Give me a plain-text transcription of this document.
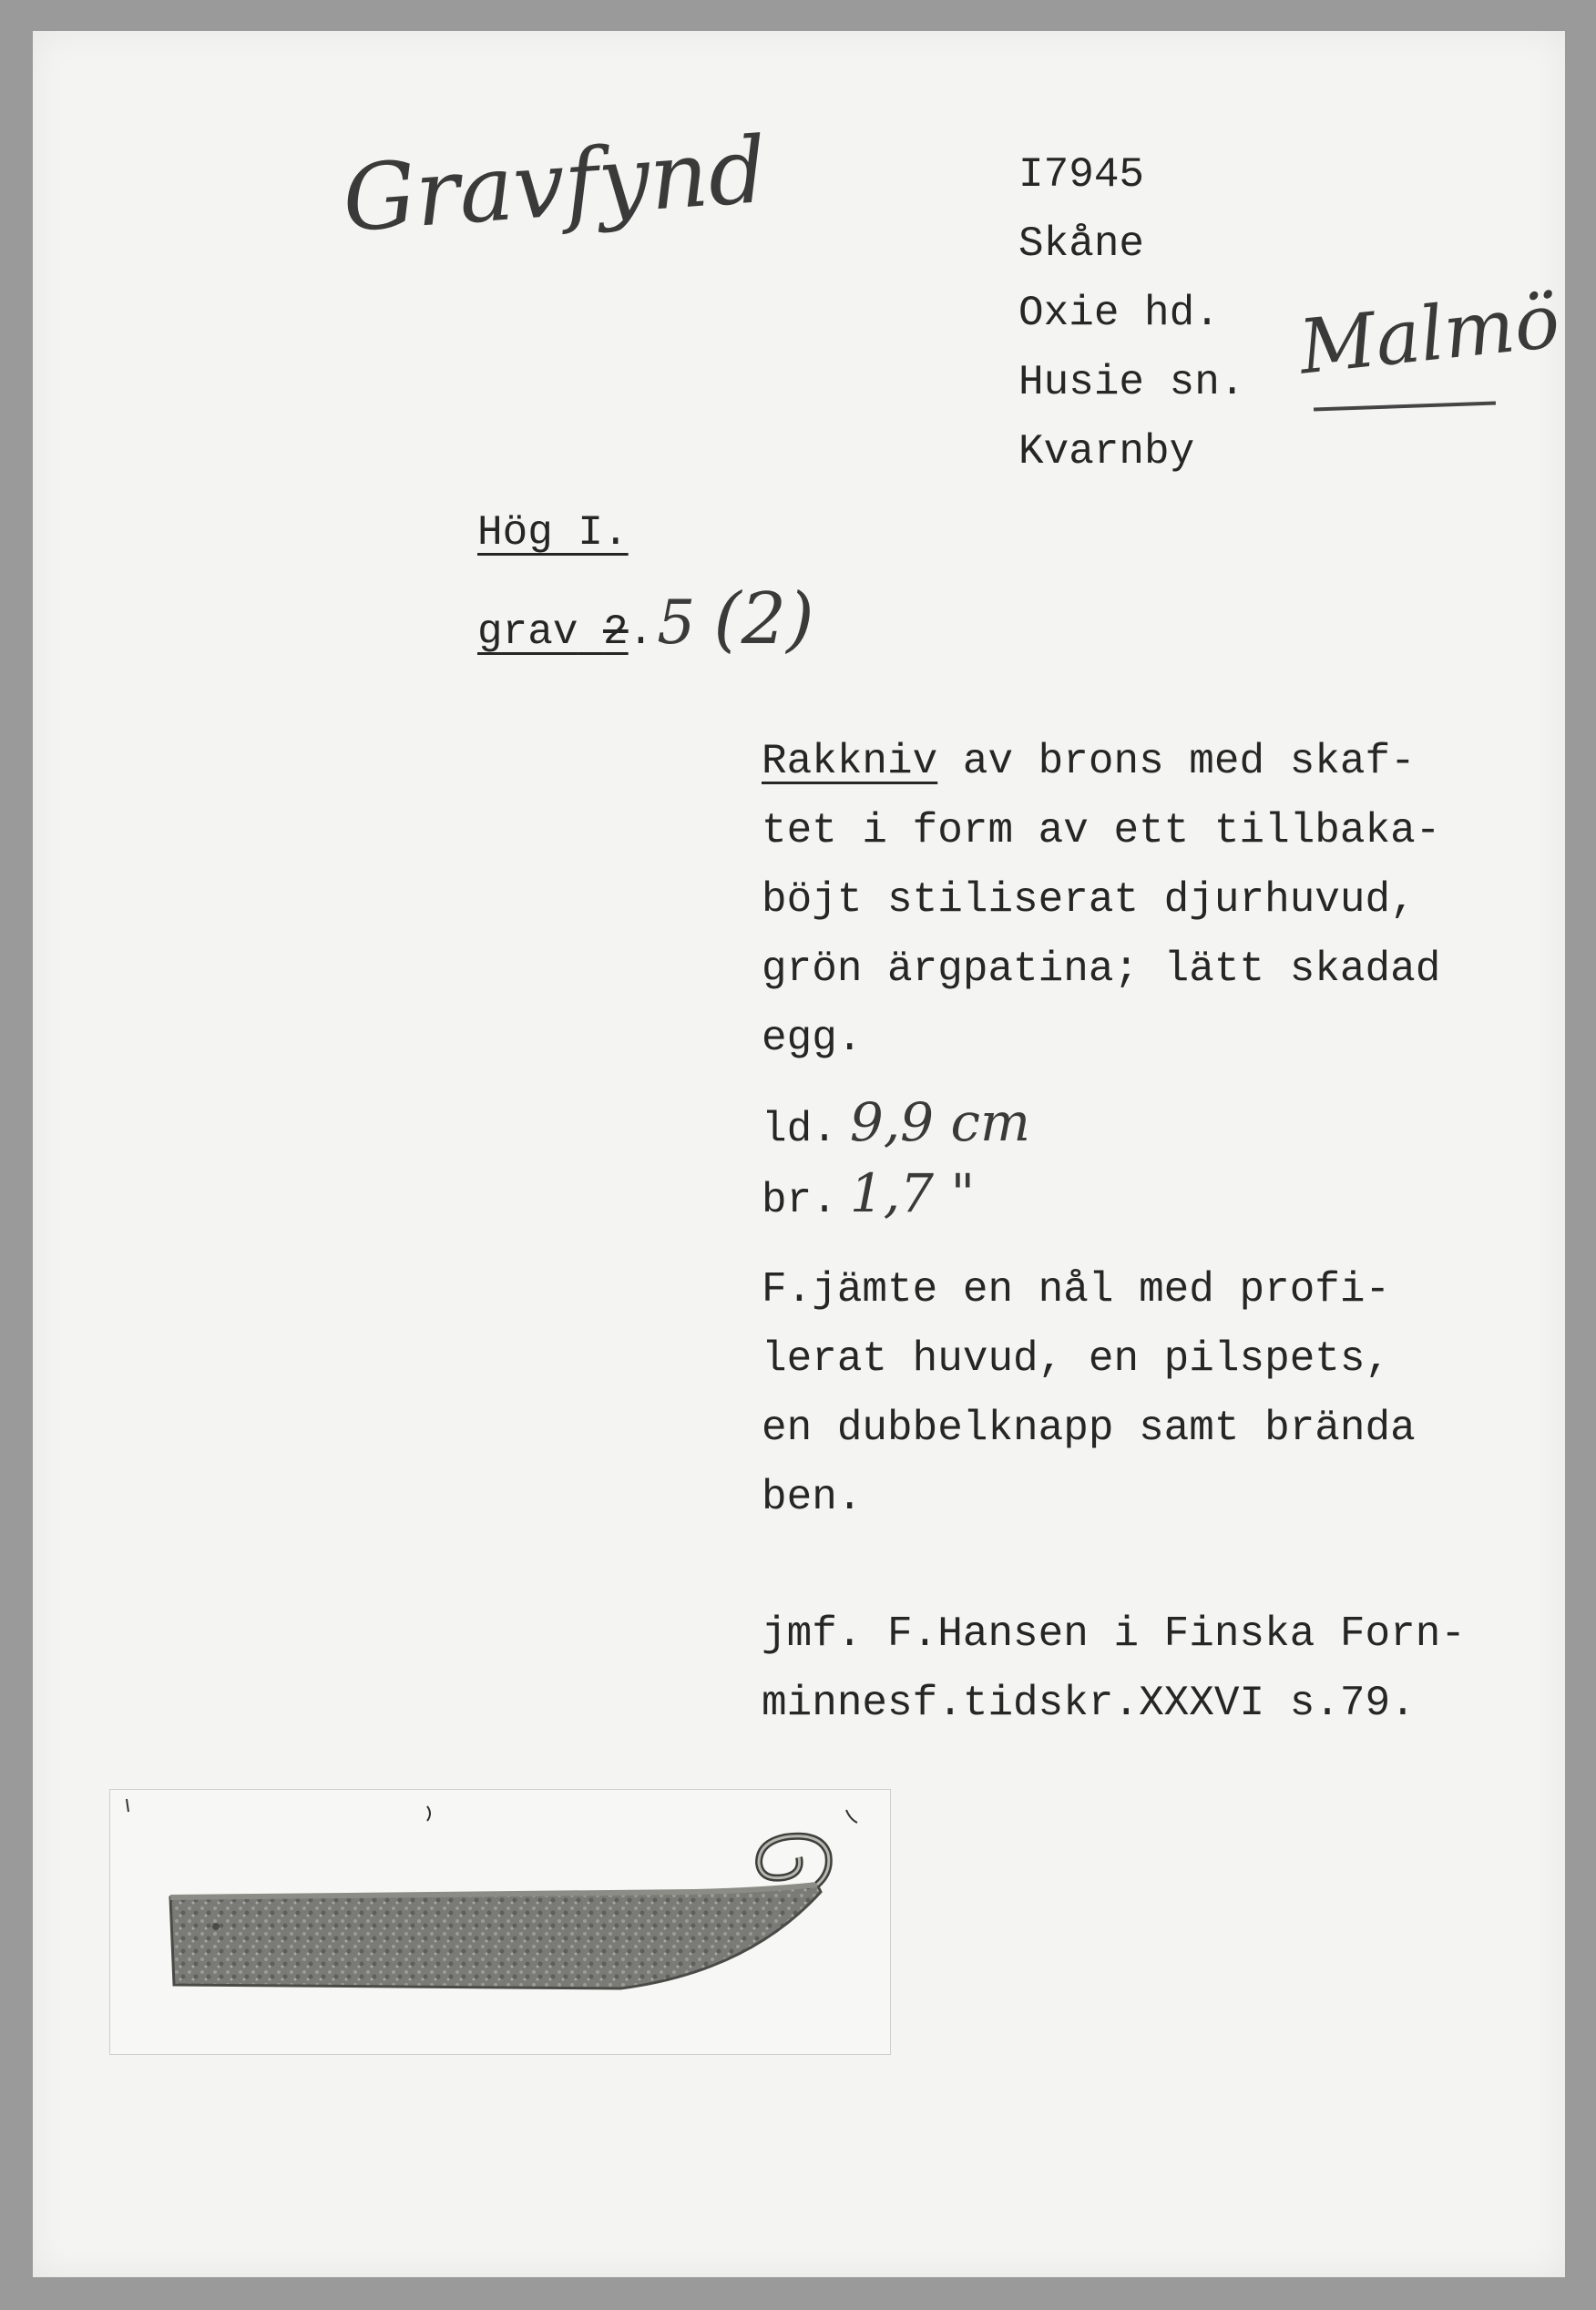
Gravfynd	I7945
Skåne
Oxie hd.
Husie sn.
Kvarnby
Malmö
Hög I.
grav 2.5 (2)
Rakkniv av brons med skaf-
tet i form av ett tillbaka-
böjt stiliserat djurhuvud,
grön ärgpatina; lätt skadad
egg.
ld. 9,9 cm
br. 1,7 "
F.jämte en nål med profi-
lerat huvud, en pilspets,
en dubbelknapp samt brända
ben.
jmf. F.Hansen i Finska Forn-
minnesf.tidskr.XXXVI s.79.
